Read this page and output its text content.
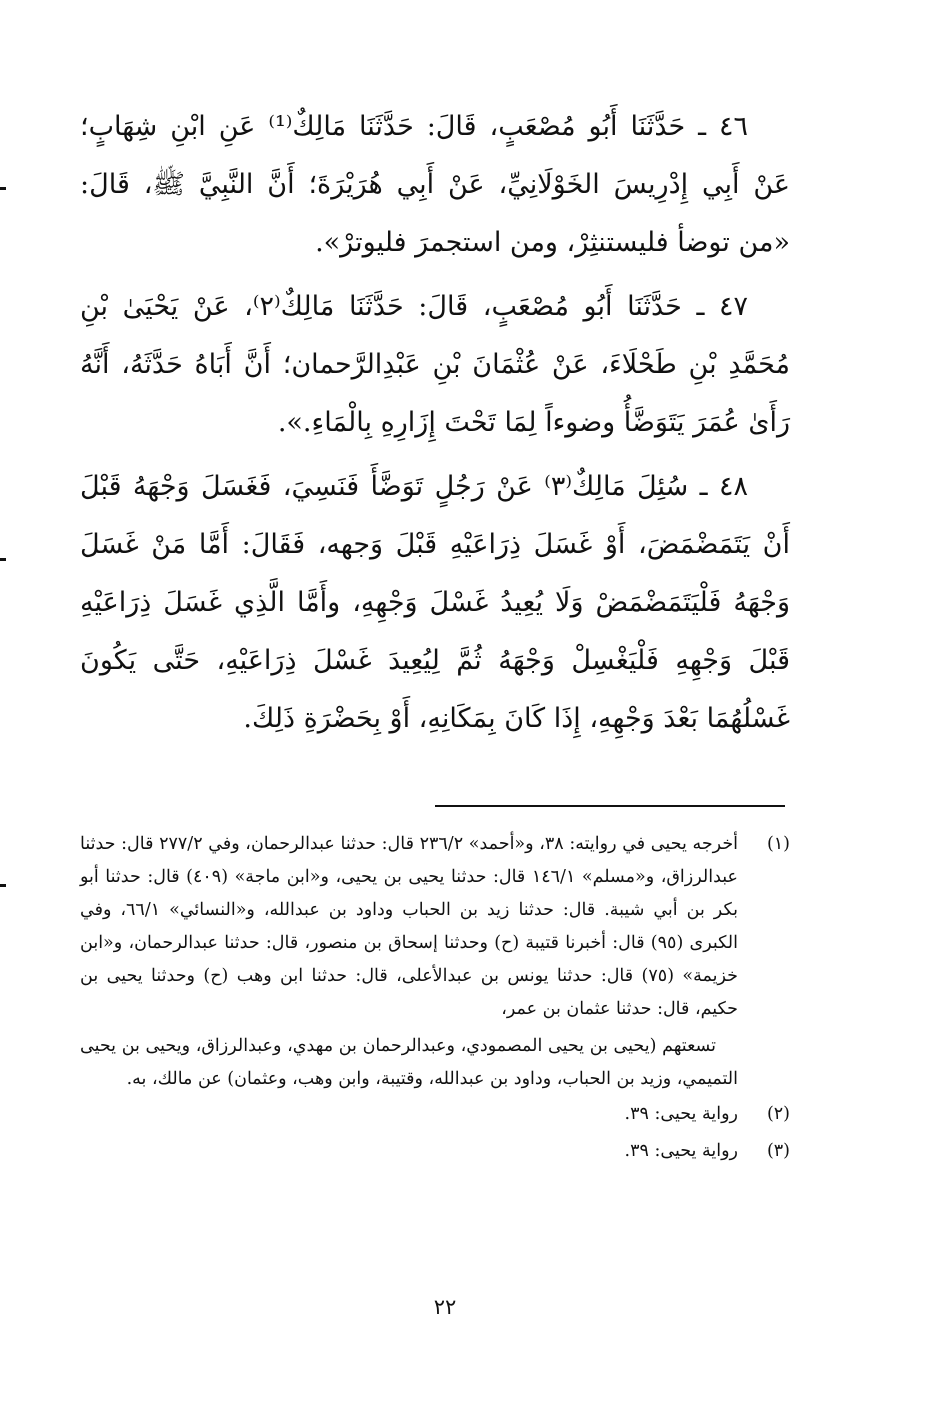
٤٦ ـ حَدَّثَنَا أَبُو مُصْعَبٍ، قَالَ: حَدَّثَنَا مَالِكٌ⁽¹⁾ عَنِ ابْنِ شِهَابٍ؛ عَنْ أَبِي إِدْرِيسَ الخَوْلَانِيِّ، عَنْ أَبِي هُرَيْرَةَ؛ أَنَّ النَّبِيَّ ﷺ، قَالَ: «من توضأ فليستنثِرْ، ومن استجمرَ فليوترْ».

٤٧ ـ حَدَّثَنَا أَبُو مُصْعَبٍ، قَالَ: حَدَّثَنَا مَالِكٌ⁽٢⁾، عَنْ يَحْيَىٰ بْنِ مُحَمَّدِ بْنِ طَحْلَاءَ، عَنْ عُثْمَانَ بْنِ عَبْدِالرَّحمان؛ أَنَّ أَبَاهُ حَدَّثَهُ، أَنَّهُ رَأَىٰ عُمَرَ يَتَوَضَّأُ وضوءاً لِمَا تَحْتَ إِزَارِهِ بِالْمَاءِ.».

٤٨ ـ سُئِلَ مَالِكٌ⁽٣⁾ عَنْ رَجُلٍ تَوَضَّأَ فَنَسِيَ، فَغَسَلَ وَجْهَهُ قَبْلَ أَنْ يَتَمَضْمَضَ، أَوْ غَسَلَ ذِرَاعَيْهِ قَبْلَ وَجهه، فَقَالَ: أَمَّا مَنْ غَسَلَ وَجْهَهُ فَلْيَتَمَضْمَضْ وَلَا يُعِيدُ غَسْلَ وَجْهِهِ، وأَمَّا الَّذِي غَسَلَ ذِرَاعَيْهِ قَبْلَ وَجْهِهِ فَلْيَغْسِلْ وَجْهَهُ ثُمَّ لِيُعِيدَ غَسْلَ ذِرَاعَيْهِ، حَتَّى يَكُونَ غَسْلُهُمَا بَعْدَ وَجْهِهِ، إِذَا كَانَ بِمَكَانِهِ، أَوْ بِحَضْرَةِ ذَلِكَ.

(١)

أخرجه يحيى في روايته: ٣٨، و«أحمد» ٢٣٦/٢ قال: حدثنا عبدالرحمان، وفي ٢٧٧/٢ قال: حدثنا عبدالرزاق، و«مسلم» ١٤٦/١ قال: حدثنا يحيى بن يحيى، و«ابن ماجة» (٤٠٩) قال: حدثنا أبو بكر بن أبي شيبة. قال: حدثنا زيد بن الحباب وداود بن عبدالله، و«النسائي» ٦٦/١، وفي الكبرى (٩٥) قال: أخبرنا قتيبة (ح) وحدثنا إسحاق بن منصور، قال: حدثنا عبدالرحمان، و«ابن خزيمة» (٧٥) قال: حدثنا يونس بن عبدالأعلى، قال: حدثنا ابن وهب (ح) وحدثنا يحيى بن حكيم، قال: حدثنا عثمان بن عمر،

تسعتهم (يحيى بن يحيى المصمودي، وعبدالرحمان بن مهدي، وعبدالرزاق، ويحيى بن يحيى التميمي، وزيد بن الحباب، وداود بن عبدالله، وقتيبة، وابن وهب، وعثمان) عن مالك، به.

(٢)

رواية يحيى: ٣٩.

(٣)

رواية يحيى: ٣٩.

٢٢
